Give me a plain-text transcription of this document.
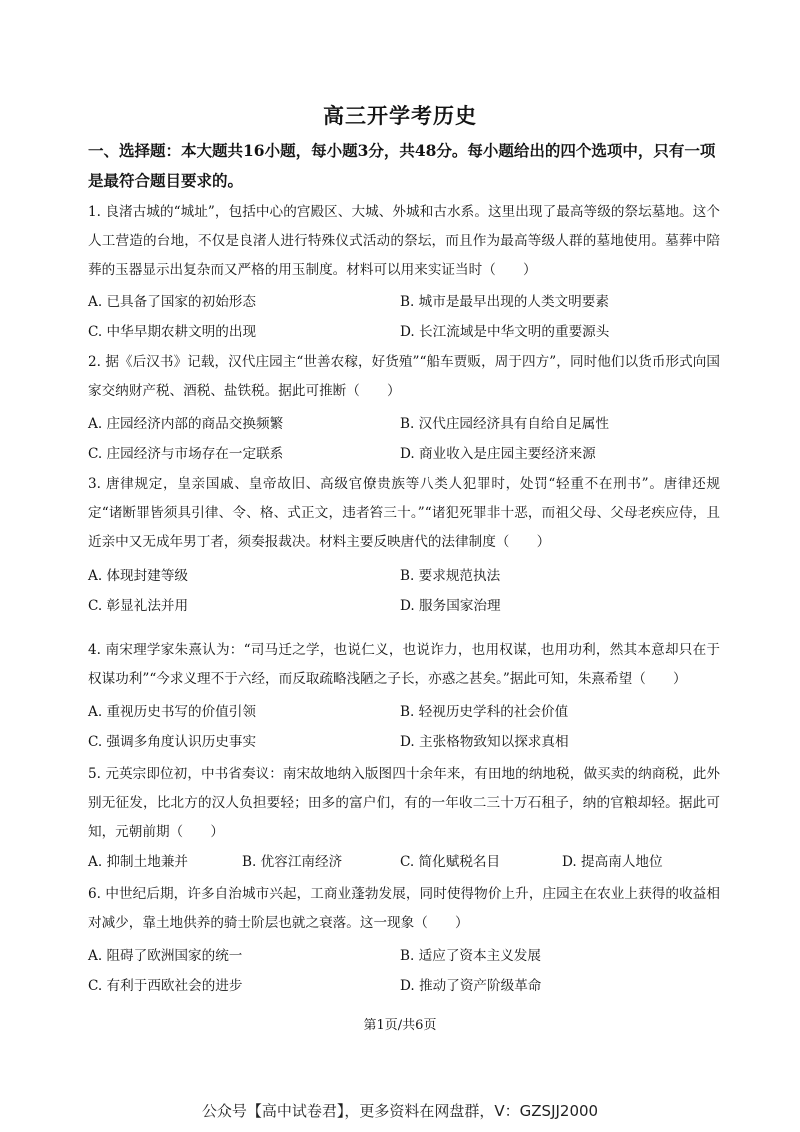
高三开学考历史
一、选择题：本大题共16小题，每小题3分，共48分。每小题给出的四个选项中，只有一项是最符合题目要求的。
1. 良渚古城的“城址”，包括中心的宫殿区、大城、外城和古水系。这里出现了最高等级的祭坛墓地。这个人工营造的台地，不仅是良渚人进行特殊仪式活动的祭坛，而且作为最高等级人群的墓地使用。墓葬中陪葬的玉器显示出复杂而又严格的用玉制度。材料可以用来实证当时（　　）
A. 已具备了国家的初始形态	B. 城市是最早出现的人类文明要素
C. 中华早期农耕文明的出现	D. 长江流域是中华文明的重要源头
2. 据《后汉书》记载，汉代庄园主“世善农稼，好货殖”“船车贾贩，周于四方”，同时他们以货币形式向国家交纳财产税、酒税、盐铁税。据此可推断（　　）
A. 庄园经济内部的商品交换频繁	B. 汉代庄园经济具有自给自足属性
C. 庄园经济与市场存在一定联系	D. 商业收入是庄园主要经济来源
3. 唐律规定，皇亲国戚、皇帝故旧、高级官僚贵族等八类人犯罪时，处罚“轻重不在刑书”。唐律还规定“诸断罪皆须具引律、令、格、式正文，违者笞三十。”“诸犯死罪非十恶，而祖父母、父母老疾应侍，且近亲中又无成年男丁者，须奏报裁决。材料主要反映唐代的法律制度（　　）
A. 体现封建等级	B. 要求规范执法
C. 彰显礼法并用	D. 服务国家治理
4. 南宋理学家朱熹认为：“司马迁之学，也说仁义，也说诈力，也用权谋，也用功利，然其本意却只在于权谋功利”“今求义理不于六经，而反取疏略浅陋之子长，亦惑之甚矣。”据此可知，朱熹希望（　　）
A. 重视历史书写的价值引领	B. 轻视历史学科的社会价值
C. 强调多角度认识历史事实	D. 主张格物致知以探求真相
5. 元英宗即位初，中书省奏议：南宋故地纳入版图四十余年来，有田地的纳地税，做买卖的纳商税，此外别无征发，比北方的汉人负担要轻；田多的富户们，有的一年收二三十万石租子，纳的官粮却轻。据此可知，元朝前期（　　）
A. 抑制土地兼并	B. 优容江南经济	C. 简化赋税名目	D. 提高南人地位
6. 中世纪后期，许多自治城市兴起，工商业蓬勃发展，同时使得物价上升，庄园主在农业上获得的收益相对减少，靠土地供养的骑士阶层也就之衰落。这一现象（　　）
A. 阻碍了欧洲国家的统一	B. 适应了资本主义发展
C. 有利于西欧社会的进步	D. 推动了资产阶级革命
第1页/共6页
公众号【高中试卷君】，更多资料在网盘群，V：GZSJJ2000
